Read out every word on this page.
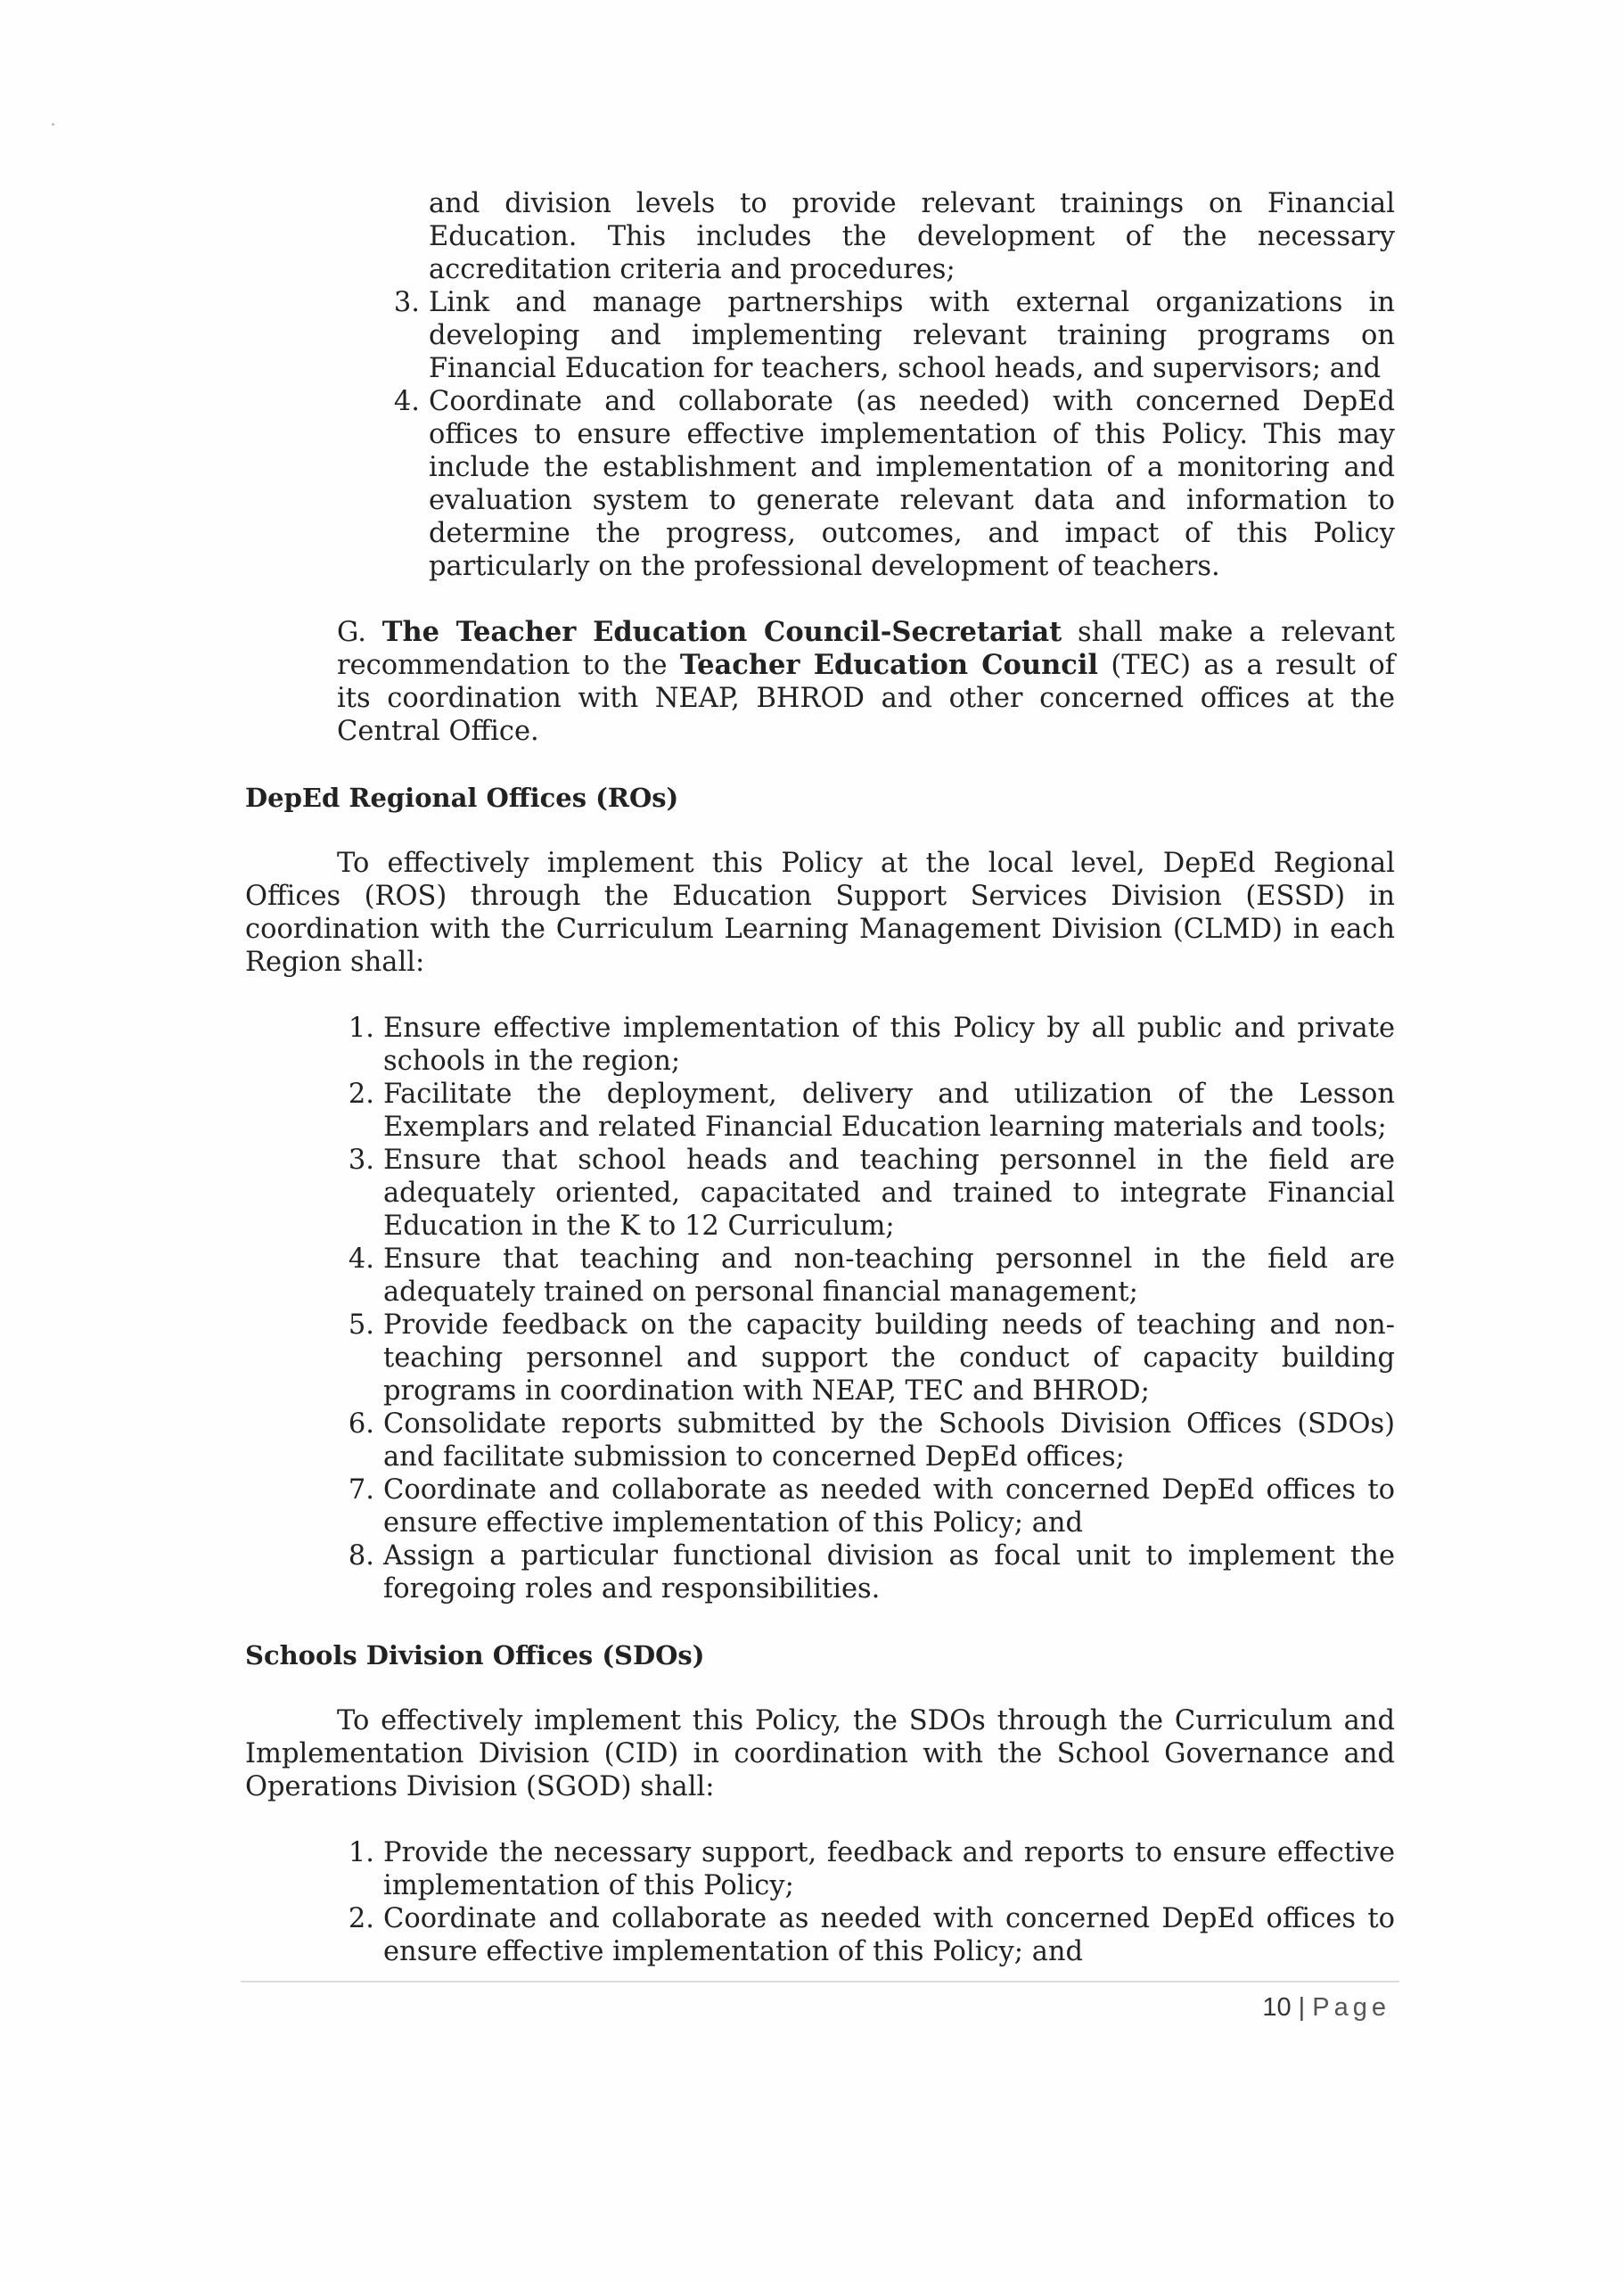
and division levels to provide relevant trainings on Financial Education. This includes the development of the necessary accreditation criteria and procedures;
3. Link and manage partnerships with external organizations in developing and implementing relevant training programs on Financial Education for teachers, school heads, and supervisors; and
4. Coordinate and collaborate (as needed) with concerned DepEd offices to ensure effective implementation of this Policy. This may include the establishment and implementation of a monitoring and evaluation system to generate relevant data and information to determine the progress, outcomes, and impact of this Policy particularly on the professional development of teachers.
G. The Teacher Education Council-Secretariat shall make a relevant recommendation to the Teacher Education Council (TEC) as a result of its coordination with NEAP, BHROD and other concerned offices at the Central Office.
DepEd Regional Offices (ROs)
To effectively implement this Policy at the local level, DepEd Regional Offices (ROS) through the Education Support Services Division (ESSD) in coordination with the Curriculum Learning Management Division (CLMD) in each Region shall:
1. Ensure effective implementation of this Policy by all public and private schools in the region;
2. Facilitate the deployment, delivery and utilization of the Lesson Exemplars and related Financial Education learning materials and tools;
3. Ensure that school heads and teaching personnel in the field are adequately oriented, capacitated and trained to integrate Financial Education in the K to 12 Curriculum;
4. Ensure that teaching and non-teaching personnel in the field are adequately trained on personal financial management;
5. Provide feedback on the capacity building needs of teaching and non-teaching personnel and support the conduct of capacity building programs in coordination with NEAP, TEC and BHROD;
6. Consolidate reports submitted by the Schools Division Offices (SDOs) and facilitate submission to concerned DepEd offices;
7. Coordinate and collaborate as needed with concerned DepEd offices to ensure effective implementation of this Policy; and
8. Assign a particular functional division as focal unit to implement the foregoing roles and responsibilities.
Schools Division Offices (SDOs)
To effectively implement this Policy, the SDOs through the Curriculum and Implementation Division (CID) in coordination with the School Governance and Operations Division (SGOD) shall:
1. Provide the necessary support, feedback and reports to ensure effective implementation of this Policy;
2. Coordinate and collaborate as needed with concerned DepEd offices to ensure effective implementation of this Policy; and
10 | Page
